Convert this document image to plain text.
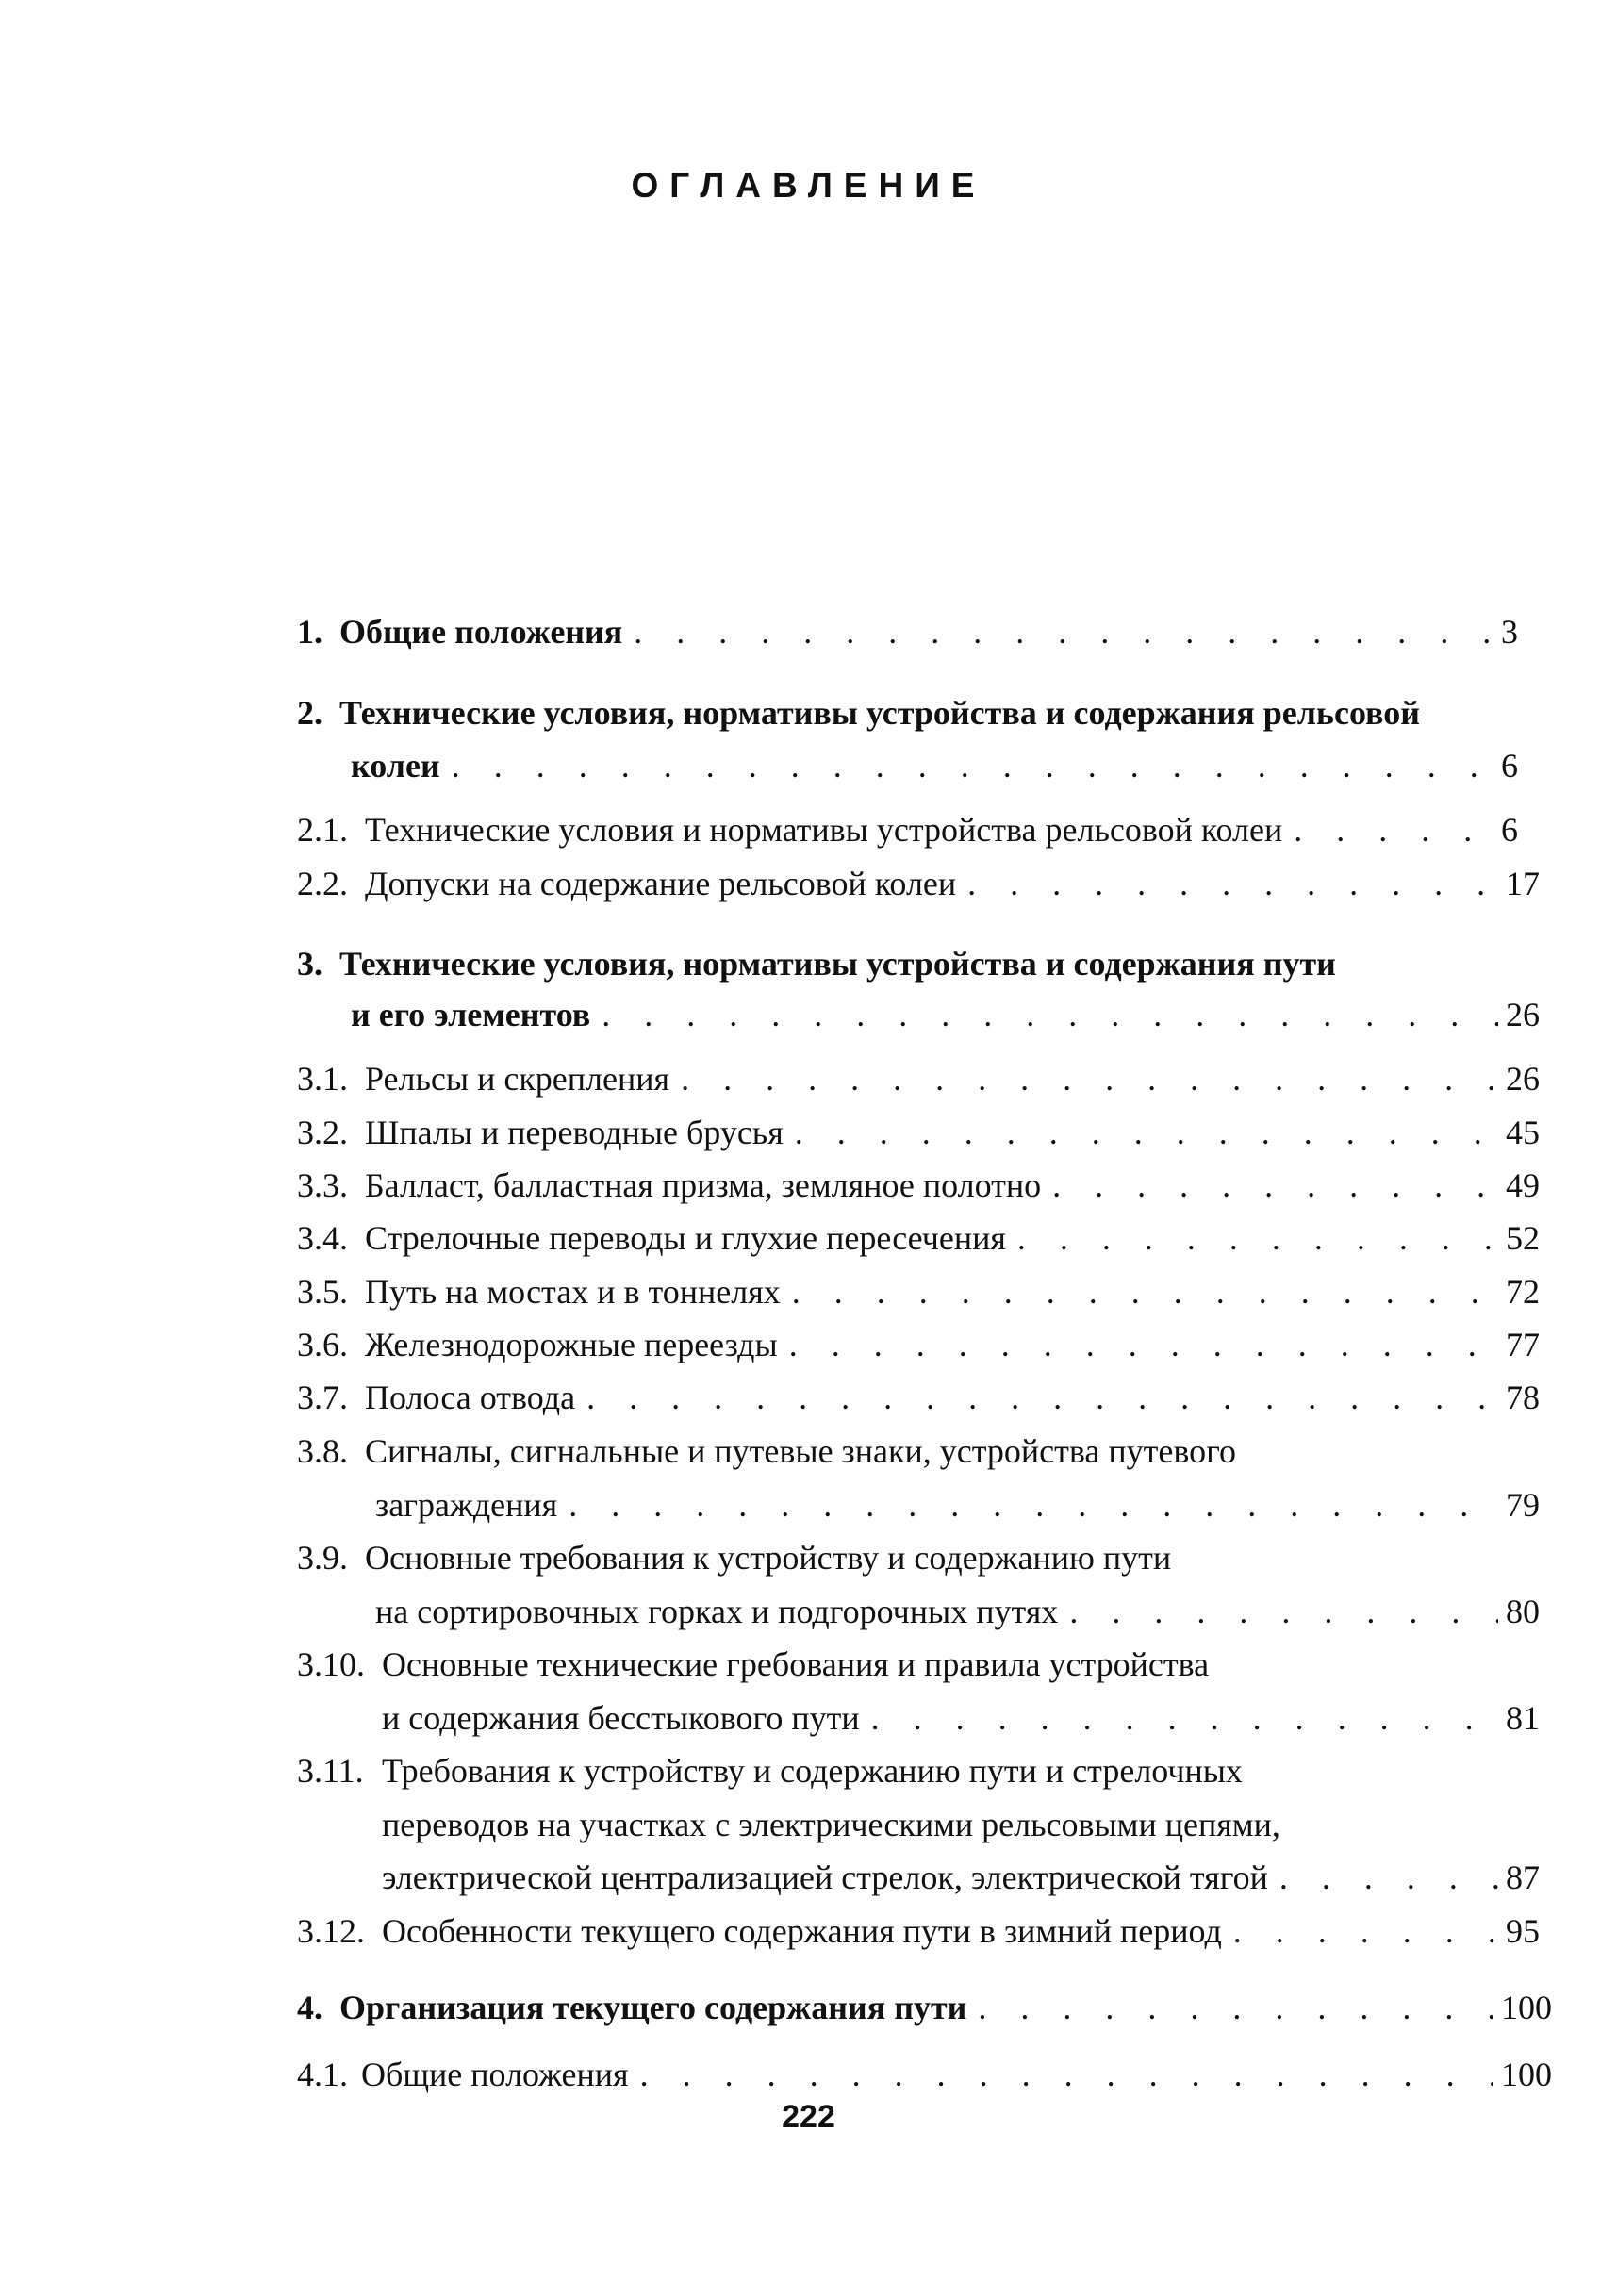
ОГЛАВЛЕНИЕ
1. Общие положения . . .	3
2. Технические условия, нормативы устройства и содержания рельсовой
колеи . . .	6
2.1. Технические условия и нормативы устройства рельсовой колеи . . .	6
2.2. Допуски на содержание рельсовой колеи . . .	17
3. Технические условия, нормативы устройства и содержания пути
и его элементов . . .	26
3.1. Рельсы и скрепления . . .	26
3.2. Шпалы и переводные брусья . . .	45
3.3. Балласт, балластная призма, земляное полотно . . .	49
3.4. Стрелочные переводы и глухие пересечения . . .	52
3.5. Путь на мостах и в тоннелях . . .	72
3.6. Железнодорожные переезды . . .	77
3.7. Полоса отвода . . .	78
3.8. Сигналы, сигнальные и путевые знаки, устройства путевого
заграждения . . .	79
3.9. Основные требования к устройству и содержанию пути
на сортировочных горках и подгорочных путях . . .	80
3.10. Основные технические гребования и правила устройства
и содержания бесстыкового пути . . .	81
3.11. Требования к устройству и содержанию пути и стрелочных
переводов на участках с электрическими рельсовыми цепями,
электрической централизацией стрелок, электрической тягой . . .	87
3.12. Особенности текущего содержания пути в зимний период . . .	95
4. Организация текущего содержания пути . . .	100
4.1. Общие положения . . .	100
222
